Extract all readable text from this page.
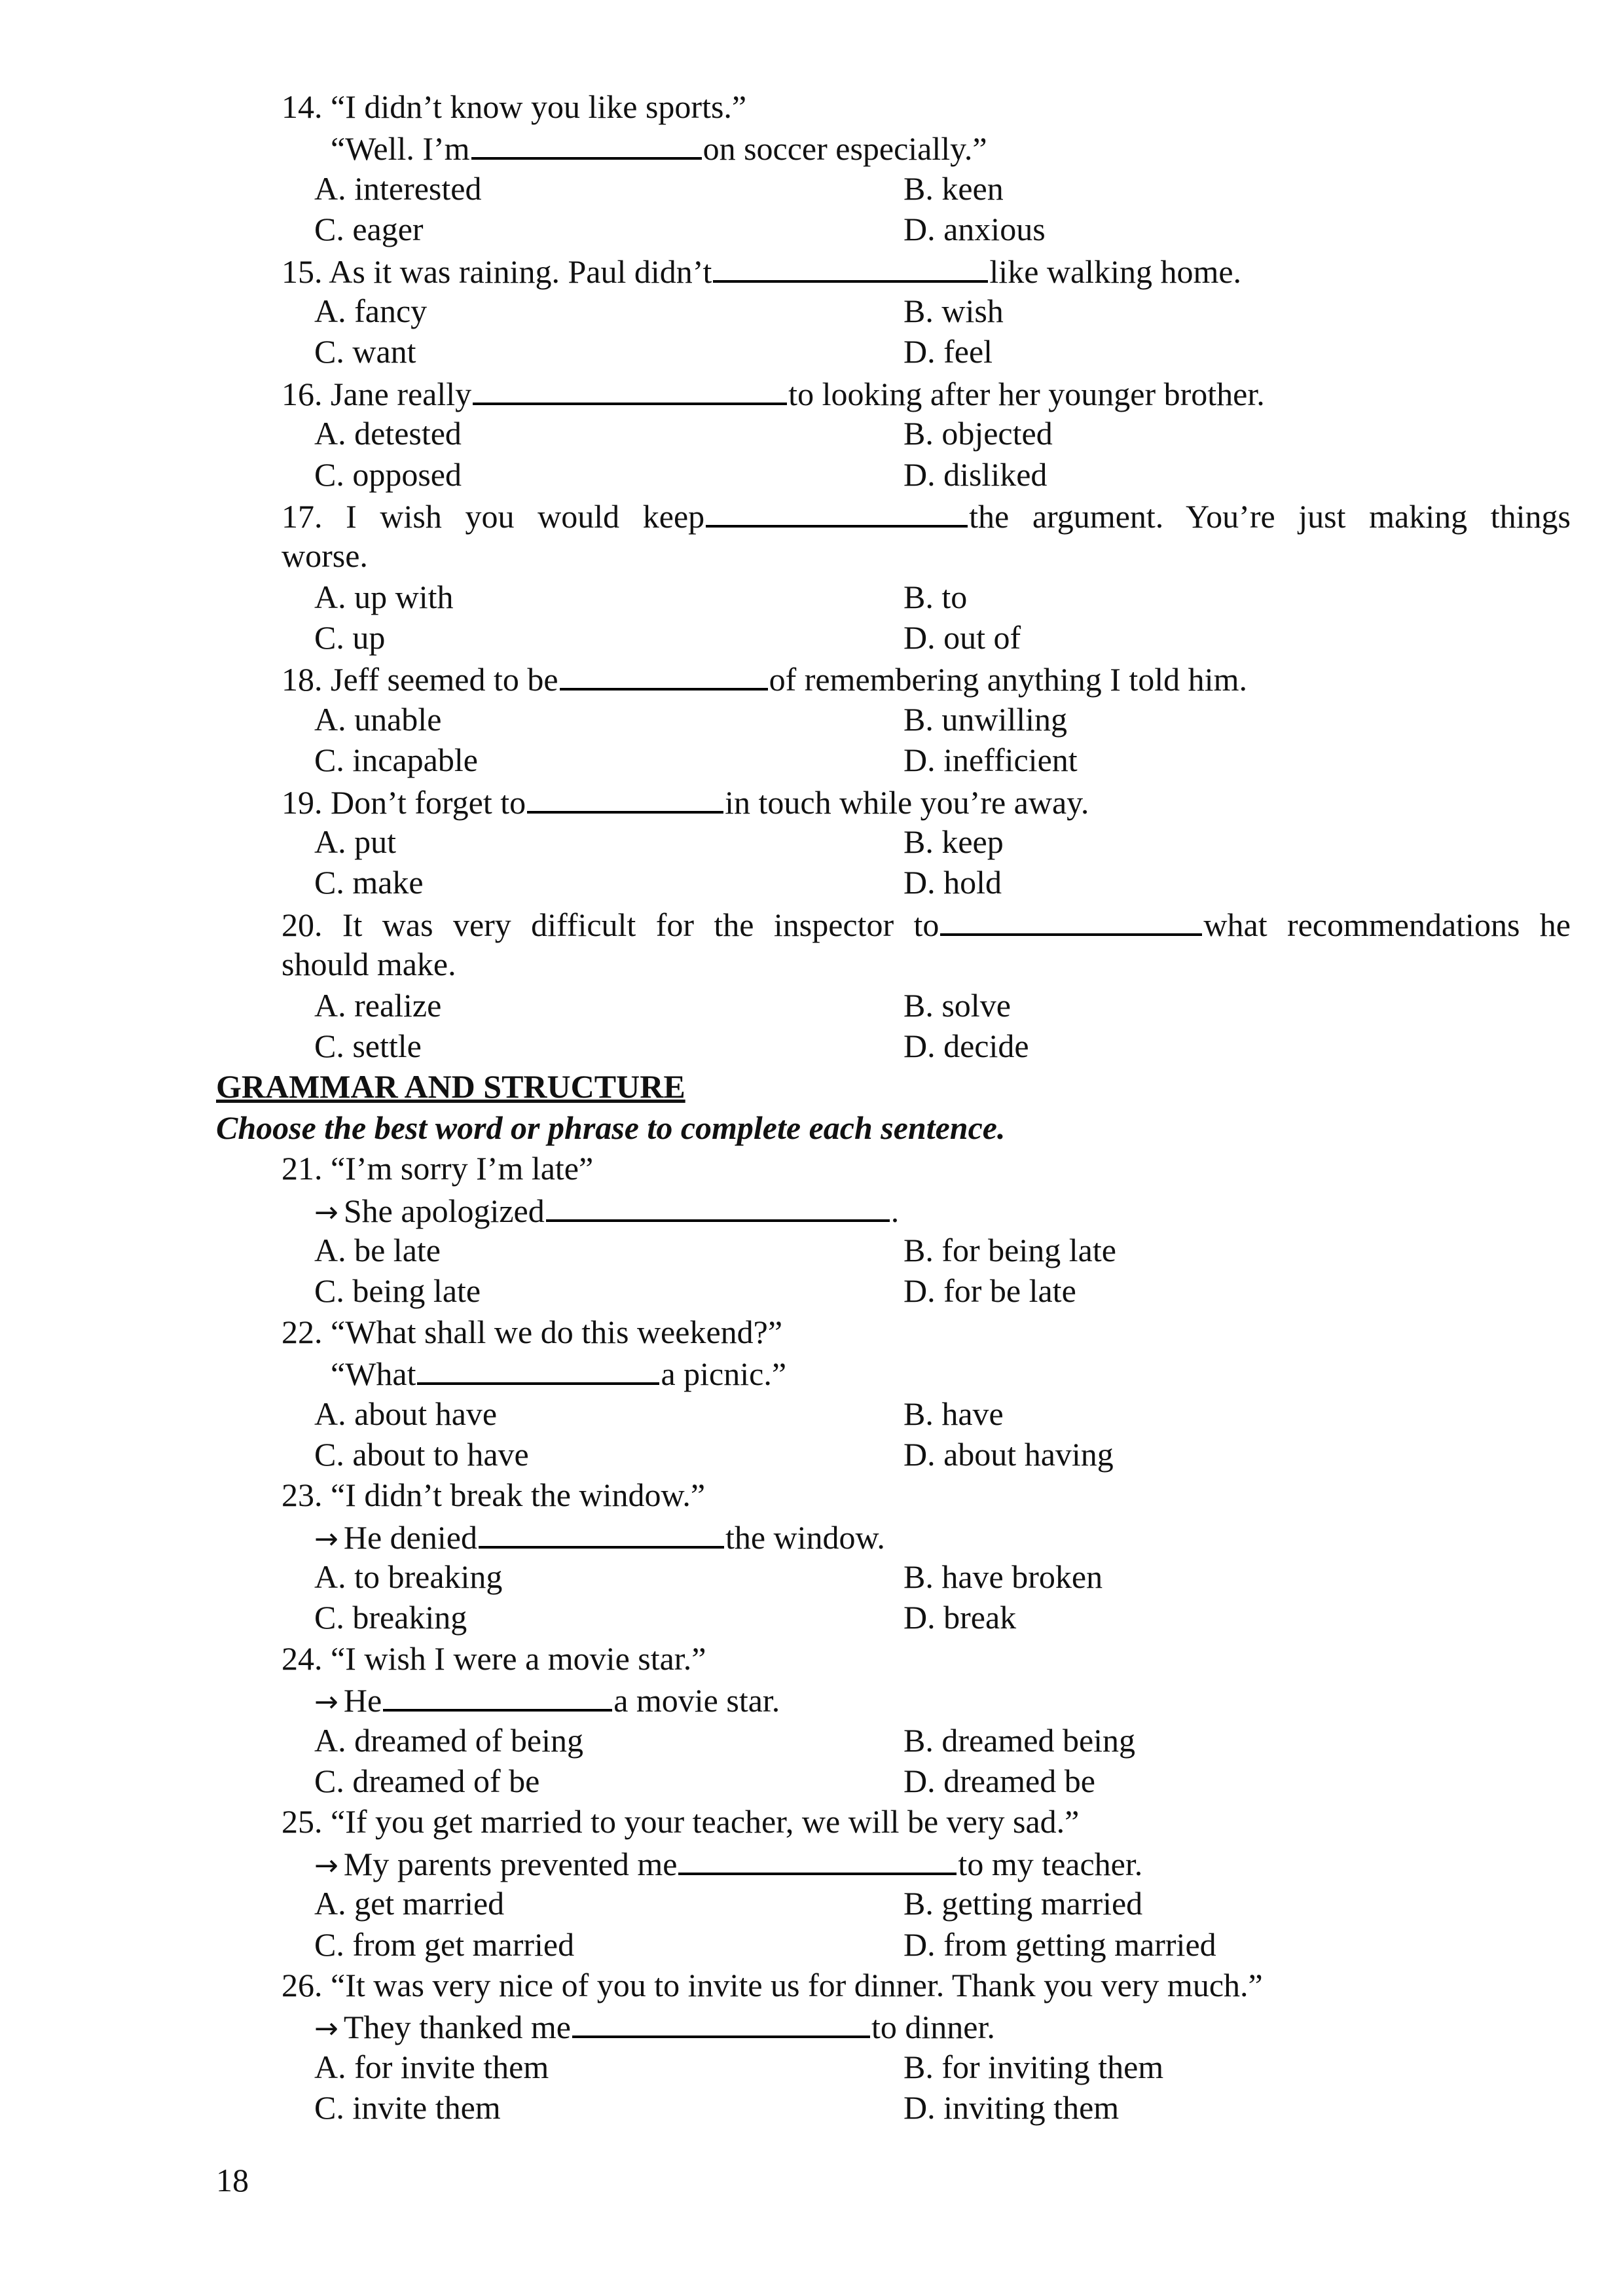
14. “I didn’t know you like sports.”
“Well. I’m	on soccer especially.”
A. interested	B. keen
C. eager	D. anxious
15. As it was raining. Paul didn’t	like walking home.
A. fancy	B. wish
C. want	D. feel
16. Jane really	to looking after her younger brother.
A. detested	B. objected
C. opposed	D. disliked
17. I wish you would keep	the argument. You’re just making things
worse.
A. up with	B. to
C. up	D. out of
18. Jeff seemed to be	of remembering anything I told him.
A. unable	B. unwilling
C. incapable	D. inefficient
19. Don’t forget to	in touch while you’re away.
A. put	B. keep
C. make	D. hold
20. It was very difficult for the inspector to	what recommendations he
should make.
A. realize	B. solve
C. settle	D. decide
GRAMMAR AND STRUCTURE
Choose the best word or phrase to complete each sentence.
21. “I’m sorry I’m late”
→ She apologized	.
A. be late	B. for being late
C. being late	D. for be late
22. “What shall we do this weekend?”
“What	a picnic.”
A. about have	B. have
C. about to have	D. about having
23. “I didn’t break the window.”
→ He denied	the window.
A. to breaking	B. have broken
C. breaking	D. break
24. “I wish I were a movie star.”
→ He	a movie star.
A. dreamed of being	B. dreamed being
C. dreamed of be	D. dreamed be
25. “If you get married to your teacher, we will be very sad.”
→ My parents prevented me	to my teacher.
A. get married	B. getting married
C. from get married	D. from getting married
26. “It was very nice of you to invite us for dinner. Thank you very much.”
→ They thanked me	to dinner.
A. for invite them	B. for inviting them
C. invite them	D. inviting them
18
